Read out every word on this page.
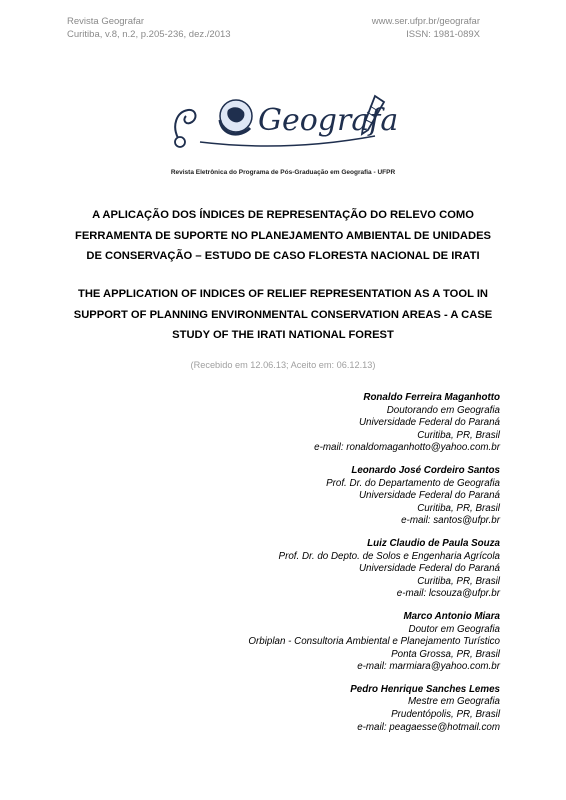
Revista Geografar
Curitiba, v.8, n.2, p.205-236, dez./2013
www.ser.ufpr.br/geografar
ISSN: 1981-089X
Geografar
Revista Eletrônica do Programa de Pós-Graduação em Geografia - UFPR
A APLICAÇÃO DOS ÍNDICES DE REPRESENTAÇÃO DO RELEVO COMO
FERRAMENTA DE SUPORTE NO PLANEJAMENTO AMBIENTAL DE UNIDADES
DE CONSERVAÇÃO – ESTUDO DE CASO FLORESTA NACIONAL DE IRATI
THE APPLICATION OF INDICES OF RELIEF REPRESENTATION AS A TOOL IN
SUPPORT OF PLANNING ENVIRONMENTAL CONSERVATION AREAS - A CASE
STUDY OF THE IRATI NATIONAL FOREST
(Recebido em 12.06.13; Aceito em: 06.12.13)
Ronaldo Ferreira Maganhotto
Doutorando em Geografia
Universidade Federal do Paraná
Curitiba, PR, Brasil
e-mail: ronaldomaganhotto@yahoo.com.br
Leonardo José Cordeiro Santos
Prof. Dr. do Departamento de Geografia
Universidade Federal do Paraná
Curitiba, PR, Brasil
e-mail: santos@ufpr.br
Luiz Claudio de Paula Souza
Prof. Dr. do Depto. de Solos e Engenharia Agrícola
Universidade Federal do Paraná
Curitiba, PR, Brasil
e-mail: lcsouza@ufpr.br
Marco Antonio Miara
Doutor em Geografia
Orbiplan - Consultoria Ambiental e Planejamento Turístico
Ponta Grossa, PR, Brasil
e-mail: marmiara@yahoo.com.br
Pedro Henrique Sanches Lemes
Mestre em Geografia
Prudentópolis, PR, Brasil
e-mail: peagaesse@hotmail.com
